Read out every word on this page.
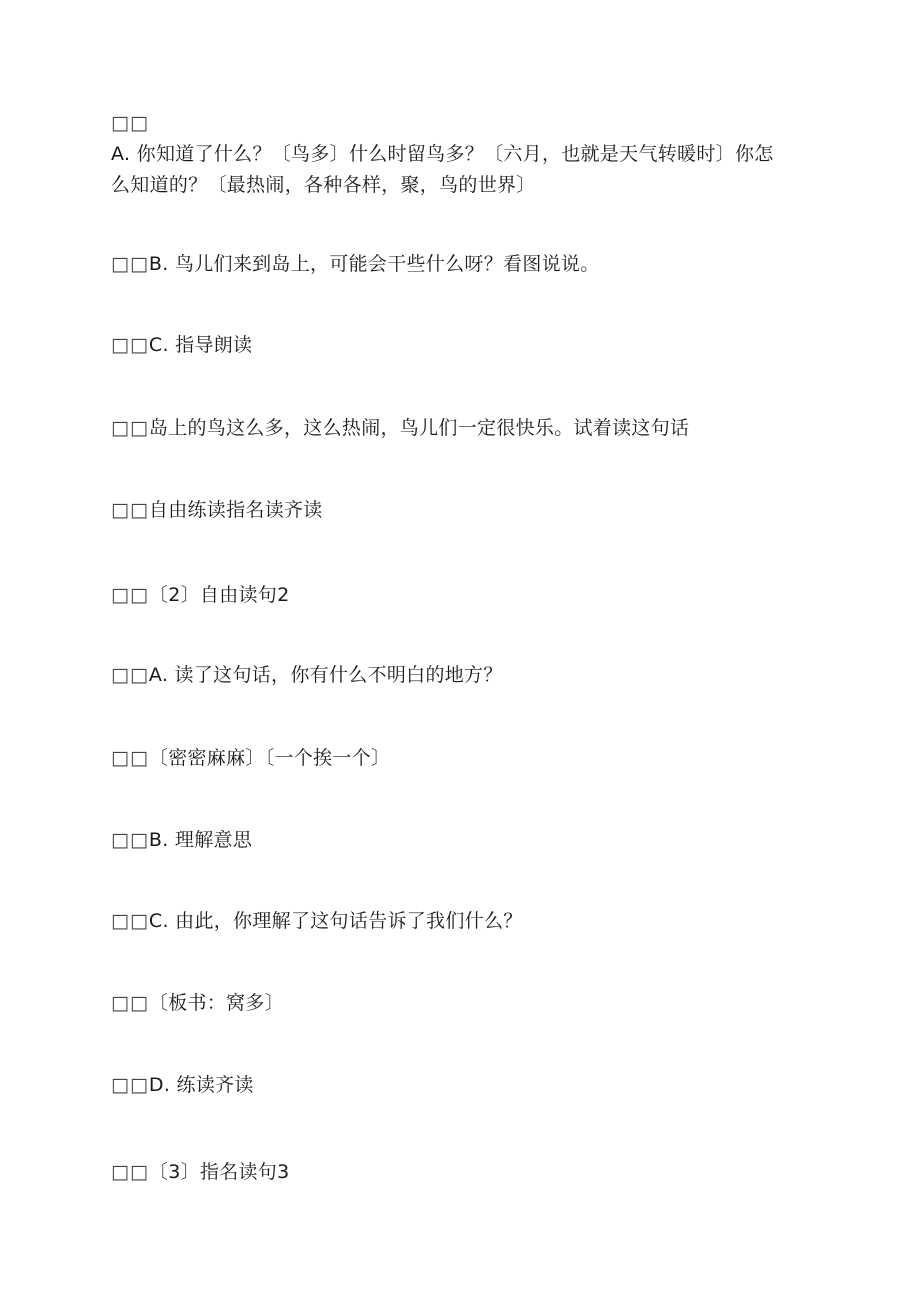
□□
A. 你知道了什么？〔鸟多〕什么时留鸟多？〔六月，也就是天气转暖时〕你怎
么知道的？〔最热闹，各种各样，聚，鸟的世界〕
□□B. 鸟儿们来到岛上，可能会干些什么呀？看图说说。
□□C. 指导朗读
□□岛上的鸟这么多，这么热闹，鸟儿们一定很快乐。试着读这句话
□□自由练读指名读齐读
□□〔2〕自由读句2
□□A. 读了这句话，你有什么不明白的地方？
□□〔密密麻麻〕〔一个挨一个〕
□□B. 理解意思
□□C. 由此，你理解了这句话告诉了我们什么？
□□〔板书：窝多〕
□□D. 练读齐读
□□〔3〕指名读句3
